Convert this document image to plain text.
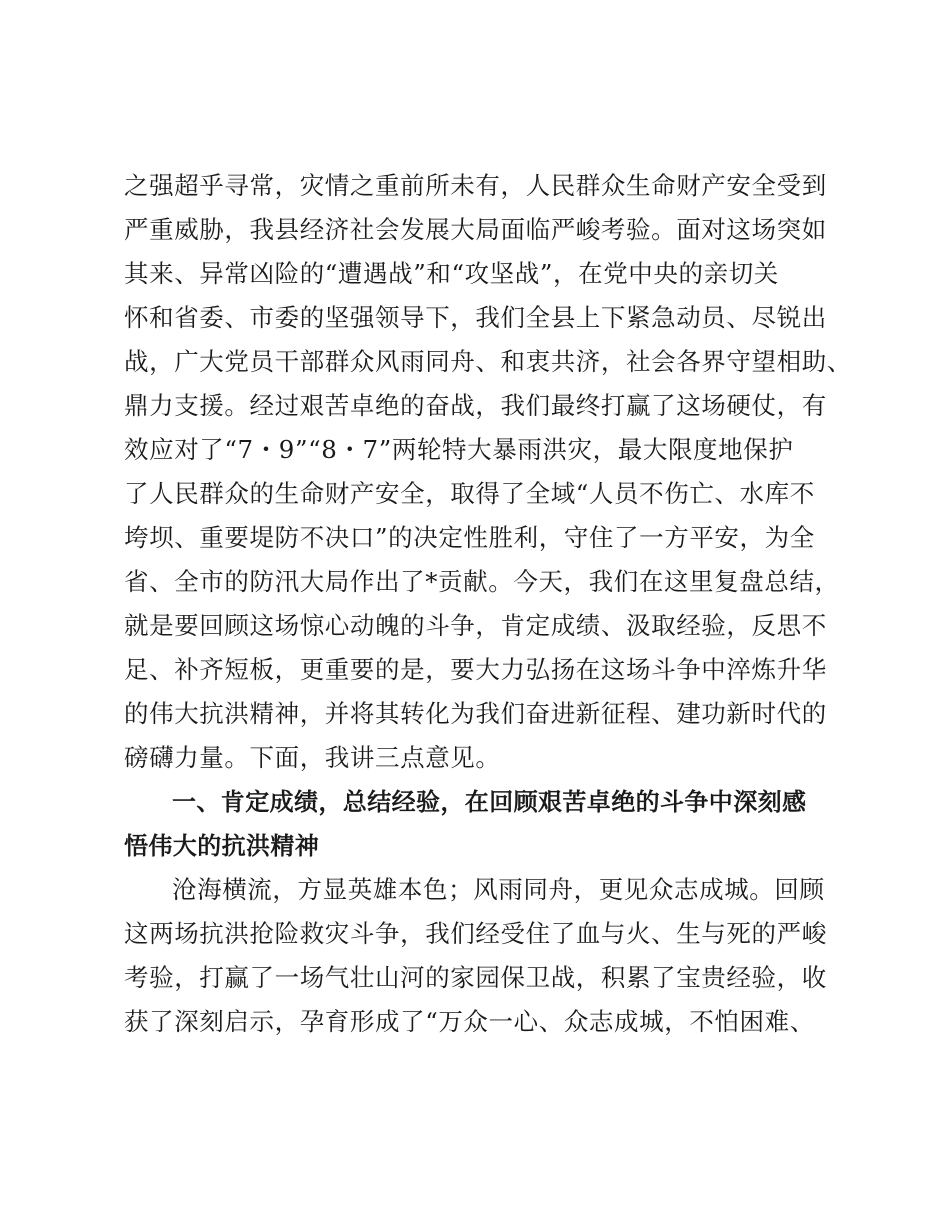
之强超乎寻常，灾情之重前所未有，人民群众生命财产安全受到
严重威胁，我县经济社会发展大局面临严峻考验。面对这场突如
其来、异常凶险的“遭遇战”和“攻坚战”，在党中央的亲切关
怀和省委、市委的坚强领导下，我们全县上下紧急动员、尽锐出
战，广大党员干部群众风雨同舟、和衷共济，社会各界守望相助、
鼎力支援。经过艰苦卓绝的奋战，我们最终打赢了这场硬仗，有
效应对了“7・9”“8・7”两轮特大暴雨洪灾，最大限度地保护
了人民群众的生命财产安全，取得了全域“人员不伤亡、水库不
垮坝、重要堤防不决口”的决定性胜利，守住了一方平安，为全
省、全市的防汛大局作出了*贡献。今天，我们在这里复盘总结，
就是要回顾这场惊心动魄的斗争，肯定成绩、汲取经验，反思不
足、补齐短板，更重要的是，要大力弘扬在这场斗争中淬炼升华
的伟大抗洪精神，并将其转化为我们奋进新征程、建功新时代的
磅礴力量。下面，我讲三点意见。
一、肯定成绩，总结经验，在回顾艰苦卓绝的斗争中深刻感
悟伟大的抗洪精神
沧海横流，方显英雄本色；风雨同舟，更见众志成城。回顾
这两场抗洪抢险救灾斗争，我们经受住了血与火、生与死的严峻
考验，打赢了一场气壮山河的家园保卫战，积累了宝贵经验，收
获了深刻启示，孕育形成了“万众一心、众志成城，不怕困难、
